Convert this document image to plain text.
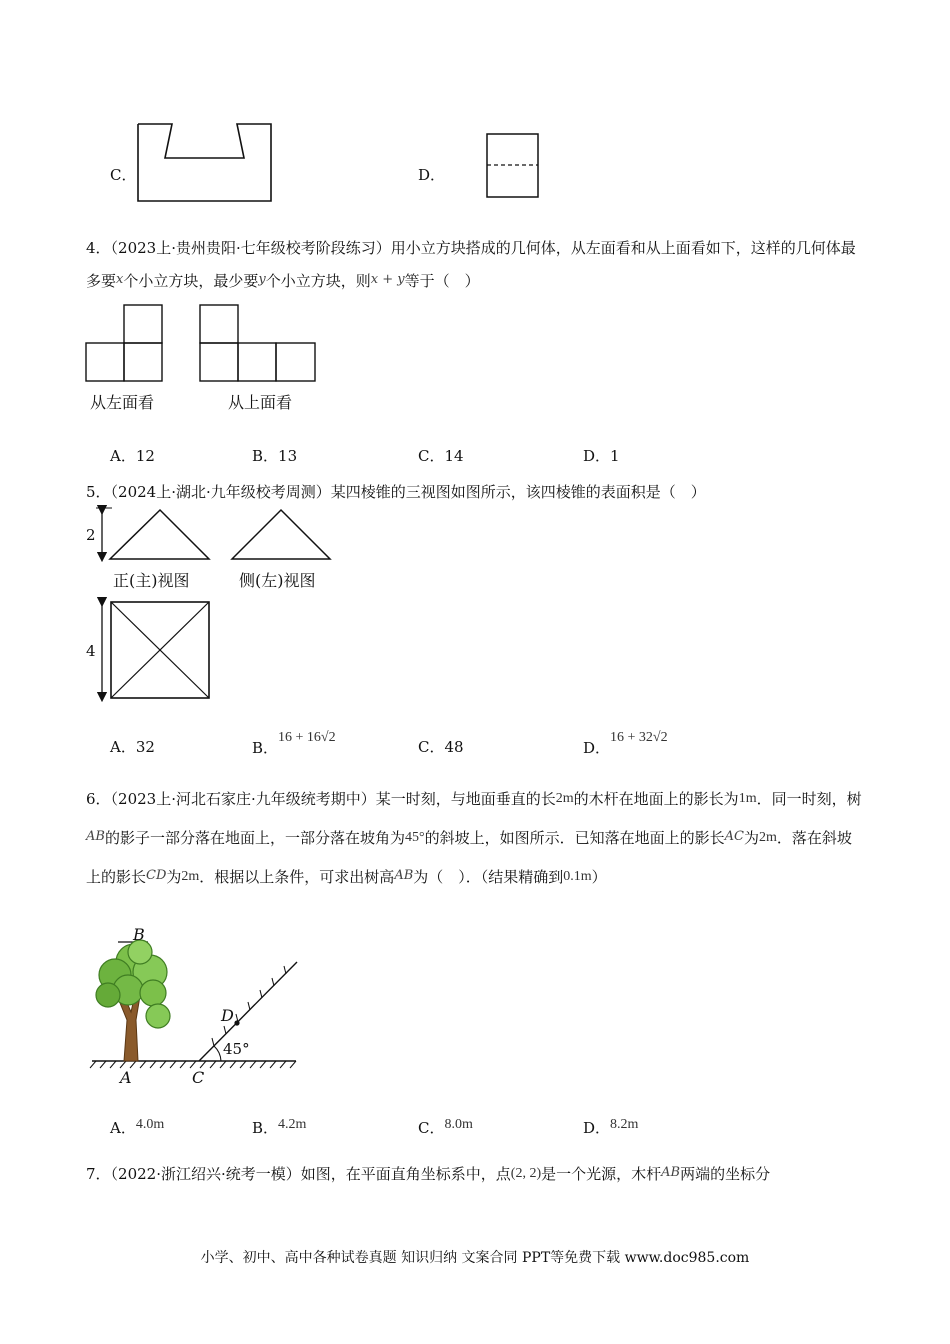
C．	D．
4．（2023上·贵州贵阳·七年级校考阶段练习）用小立方块搭成的几何体，从左面看和从上面看如下，这样的几何体最多要x个小立方块，最少要y个小立方块，则x + y等于（　）
从左面看	从上面看
A．12	B．13	C．14	D．1
5．（2024上·湖北·九年级校考周测）某四棱锥的三视图如图所示，该四棱锥的表面积是（　）
2
正(主)视图	侧(左)视图
4
A．32	B．16 + 16√2
C．48	D．16 + 32√2
6．（2023上·河北石家庄·九年级统考期中）某一时刻，与地面垂直的长2m的木杆在地面上的影长为1m．同一时刻，树AB的影子一部分落在地面上，一部分落在坡角为45°的斜坡上，如图所示．已知落在地面上的影长AC为2m．落在斜坡上的影长CD为2m．根据以上条件，可求出树高AB为（　）．（结果精确到0.1m）
B
D
45°
A	C
A．4.0m	B．4.2m	C．8.0m	D．8.2m
7．（2022·浙江绍兴·统考一模）如图，在平面直角坐标系中，点(2, 2)是一个光源，木杆AB两端的坐标分
小学、初中、高中各种试卷真题 知识归纳 文案合同 PPT等免费下载 www.doc985.com
